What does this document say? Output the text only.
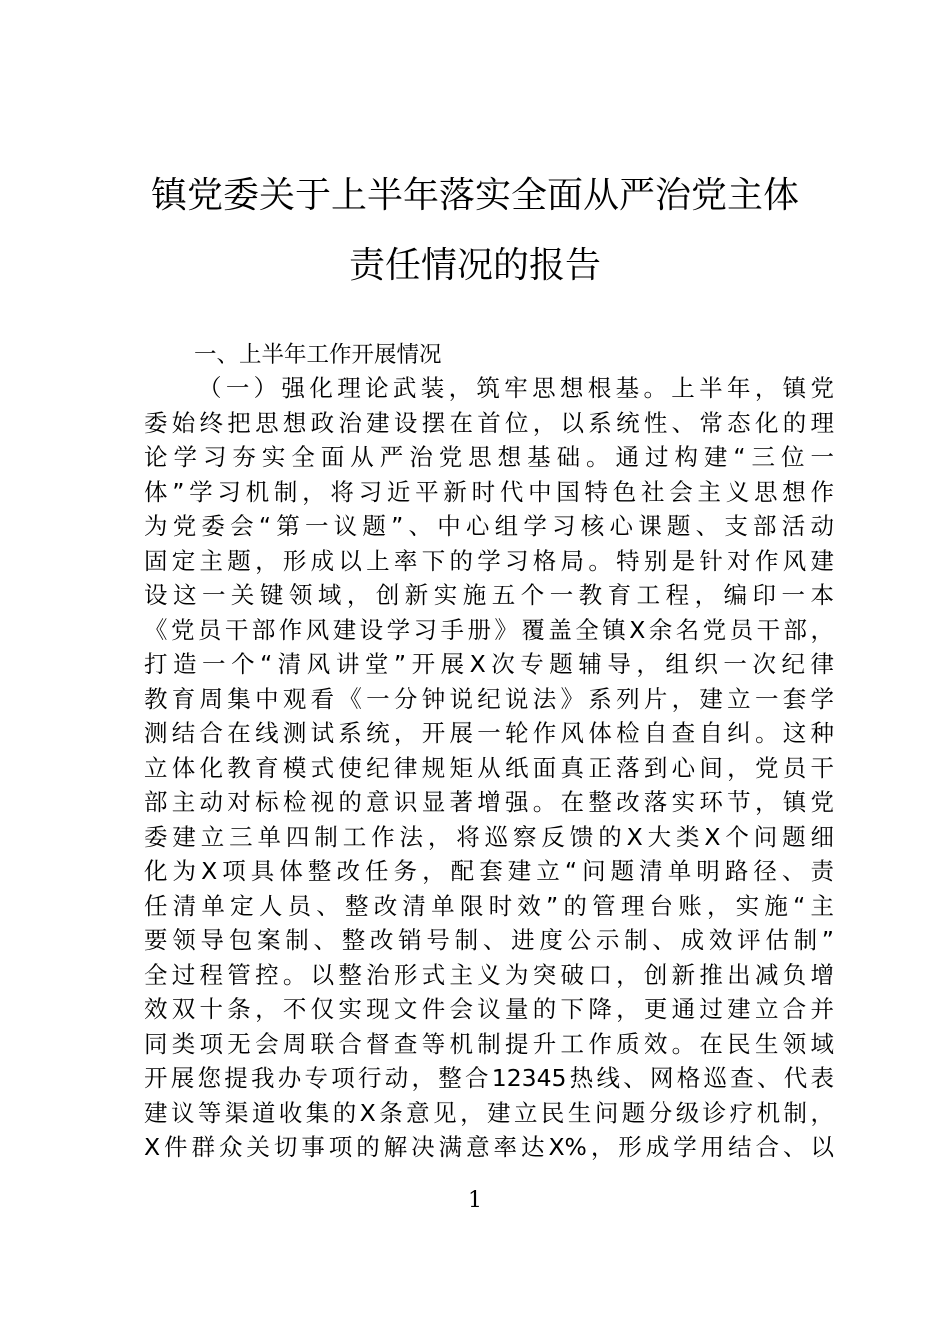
镇党委关于上半年落实全面从严治党主体
责任情况的报告
一、上半年工作开展情况
（一）强化理论武装，筑牢思想根基。上半年，镇党
委始终把思想政治建设摆在首位，以系统性、常态化的理
论学习夯实全面从严治党思想基础。通过构建“三位一
体”学习机制，将习近平新时代中国特色社会主义思想作
为党委会“第一议题”、中心组学习核心课题、支部活动
固定主题，形成以上率下的学习格局。特别是针对作风建
设这一关键领域，创新实施五个一教育工程，编印一本
《党员干部作风建设学习手册》覆盖全镇X余名党员干部，
打造一个“清风讲堂”开展X次专题辅导，组织一次纪律
教育周集中观看《一分钟说纪说法》系列片，建立一套学
测结合在线测试系统，开展一轮作风体检自查自纠。这种
立体化教育模式使纪律规矩从纸面真正落到心间，党员干
部主动对标检视的意识显著增强。在整改落实环节，镇党
委建立三单四制工作法，将巡察反馈的X大类X个问题细
化为X项具体整改任务，配套建立“问题清单明路径、责
任清单定人员、整改清单限时效”的管理台账，实施“主
要领导包案制、整改销号制、进度公示制、成效评估制”
全过程管控。以整治形式主义为突破口，创新推出减负增
效双十条，不仅实现文件会议量的下降，更通过建立合并
同类项无会周联合督查等机制提升工作质效。在民生领域
开展您提我办专项行动，整合12345热线、网格巡查、代表
建议等渠道收集的X条意见，建立民生问题分级诊疗机制，
X件群众关切事项的解决满意率达X%，形成学用结合、以
1
